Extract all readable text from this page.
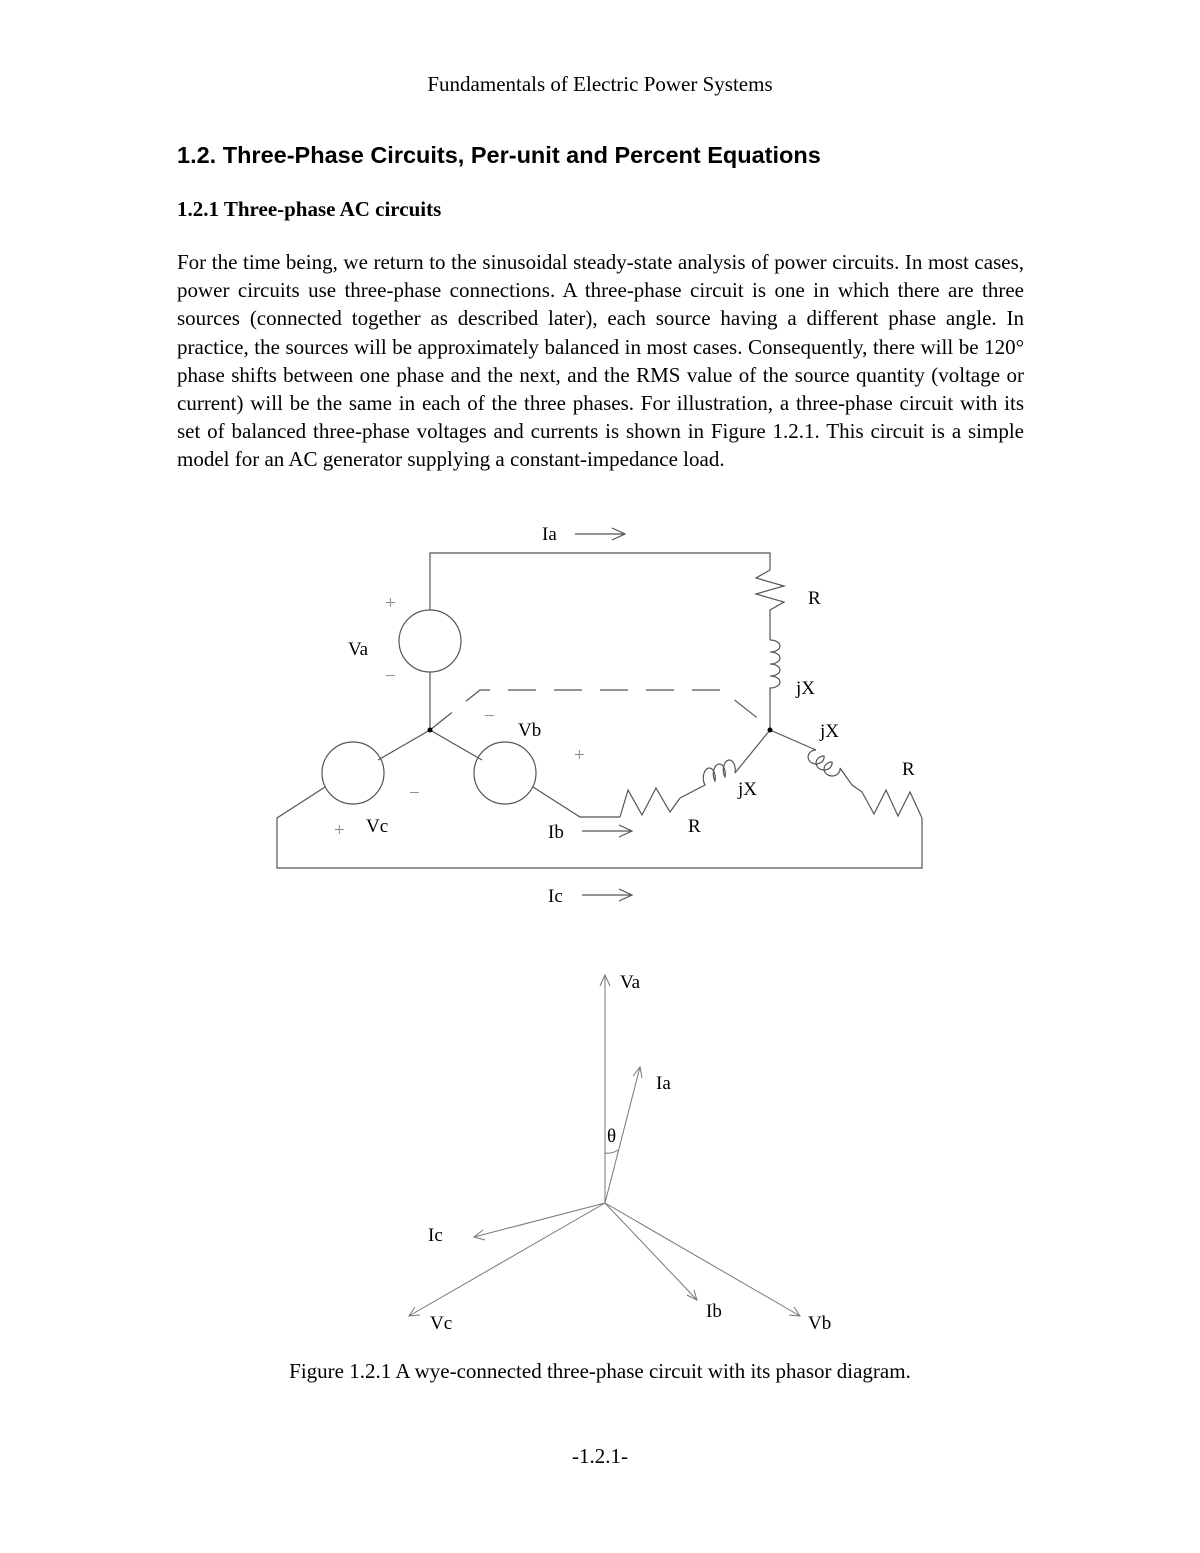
Fundamentals of Electric Power Systems
1.2. Three-Phase Circuits, Per-unit and Percent Equations
1.2.1 Three-phase AC circuits

For the time being, we return to the sinusoidal steady-state analysis of power circuits. In most cases, power circuits use three-phase connections. A three-phase circuit is one in which there are three sources (connected together as described later), each source having a different phase angle. In practice, the sources will be approximately balanced in most cases. Consequently, there will be 120° phase shifts between one phase and the next, and the RMS value of the source quantity (voltage or current) will be the same in each of the three phases. For illustration, a three-phase circuit with its set of balanced three-phase voltages and currents is shown in Figure 1.2.1. This circuit is a simple model for an AC generator supplying a constant-impedance load.

Ia
Ib
Ic
Va
Vb
Vc
+
−
−
+
−
+
R
R
R
jX
jX
jX
Va
Ia
θ
Ic
Vc
Ib
Vb
Figure 1.2.1 A wye-connected three-phase circuit with its phasor diagram.
-1.2.1-
